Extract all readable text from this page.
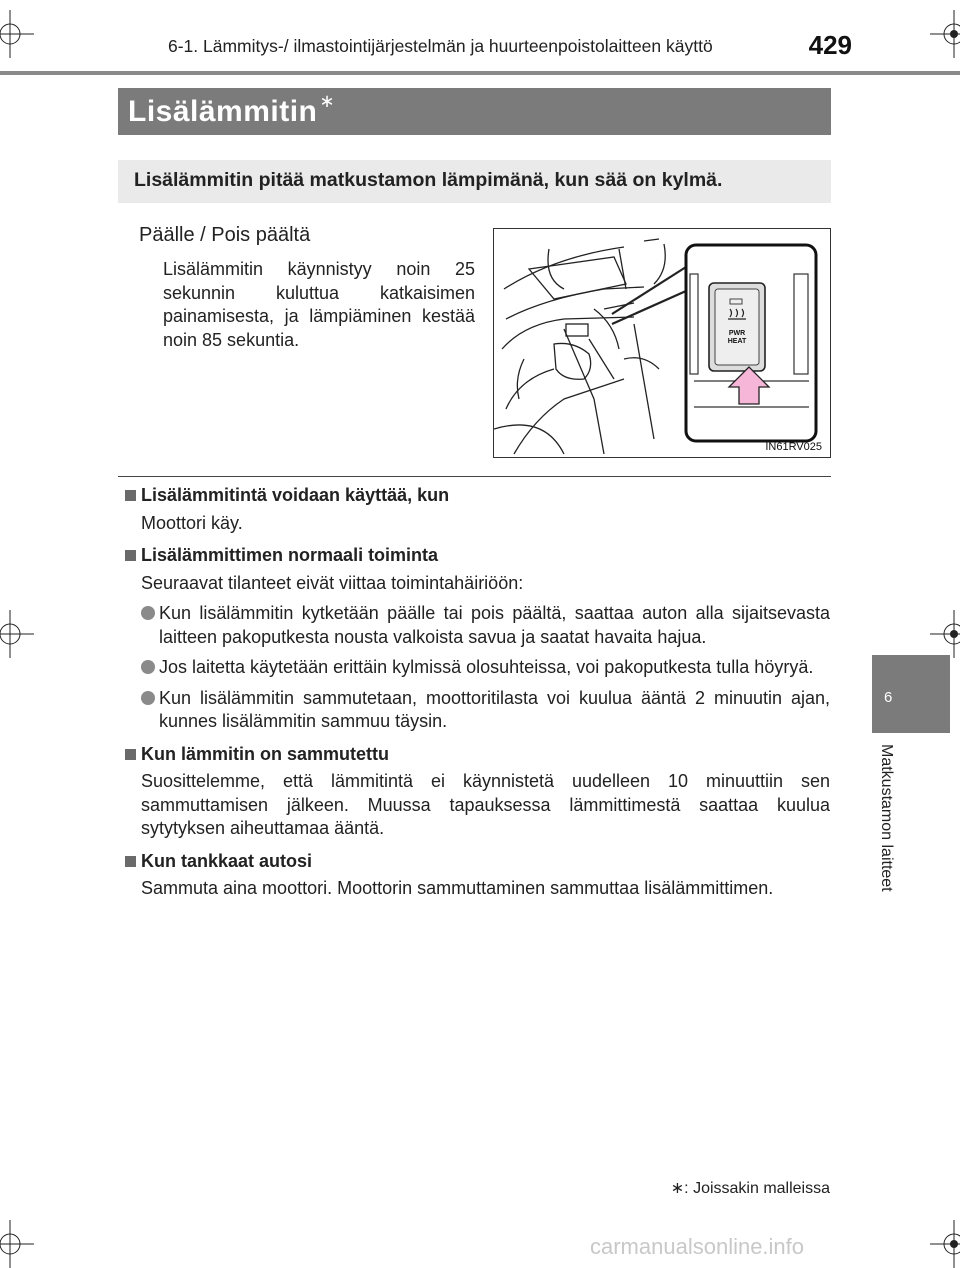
6-1. Lämmitys-/ ilmastointijärjestelmän ja huurteenpoistolaitteen käyttö	429
Lisälämmitin ∗
Lisälämmitin pitää matkustamon lämpimänä, kun sää on kylmä.
Päälle / Pois päältä
Lisälämmitin käynnistyy noin 25 sekunnin kuluttua katkaisimen painamisesta, ja lämpiäminen kestää noin 85 sekuntia.	PWR
HEAT
IN61RV025
Lisälämmitintä voidaan käyttää, kun
Moottori käy.
Lisälämmittimen normaali toiminta
Seuraavat tilanteet eivät viittaa toimintahäiriöön:
Kun lisälämmitin kytketään päälle tai pois päältä, saattaa auton alla sijaitsevasta laitteen pakoputkesta nousta valkoista savua ja saatat havaita hajua.
Jos laitetta käytetään erittäin kylmissä olosuhteissa, voi pakoputkesta tulla höyryä.
Kun lisälämmitin sammutetaan, moottoritilasta voi kuulua ääntä 2 minuutin ajan, kunnes lisälämmitin sammuu täysin.
Kun lämmitin on sammutettu
Suosittelemme, että lämmitintä ei käynnistetä uudelleen 10 minuuttiin sen sammuttamisen jälkeen. Muussa tapauksessa lämmittimestä saattaa kuulua sytytyksen aiheuttamaa ääntä.
Kun tankkaat autosi
Sammuta aina moottori. Moottorin sammuttaminen sammuttaa lisälämmittimen.
∗: Joissakin malleissa
6
Matkustamon laitteet
carmanualsonline.info
